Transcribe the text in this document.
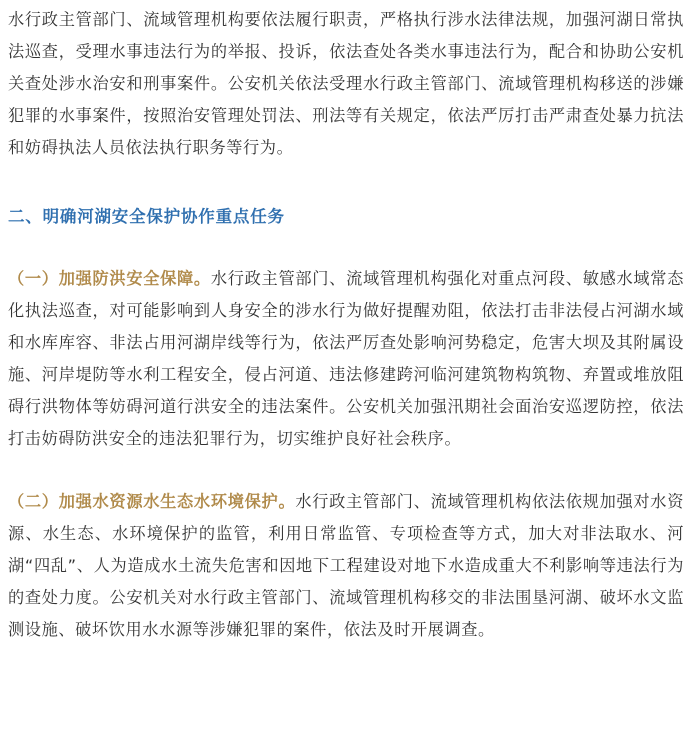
水行政主管部门、流域管理机构要依法履行职责，严格执行涉水法律法规，加强河湖日常执法巡查，受理水事违法行为的举报、投诉，依法查处各类水事违法行为，配合和协助公安机关查处涉水治安和刑事案件。公安机关依法受理水行政主管部门、流域管理机构移送的涉嫌犯罪的水事案件，按照治安管理处罚法、刑法等有关规定，依法严厉打击严肃查处暴力抗法和妨碍执法人员依法执行职务等行为。

二、明确河湖安全保护协作重点任务

（一）加强防洪安全保障。水行政主管部门、流域管理机构强化对重点河段、敏感水域常态化执法巡查，对可能影响到人身安全的涉水行为做好提醒劝阻，依法打击非法侵占河湖水域和水库库容、非法占用河湖岸线等行为，依法严厉查处影响河势稳定，危害大坝及其附属设施、河岸堤防等水利工程安全，侵占河道、违法修建跨河临河建筑物构筑物、弃置或堆放阻碍行洪物体等妨碍河道行洪安全的违法案件。公安机关加强汛期社会面治安巡逻防控，依法打击妨碍防洪安全的违法犯罪行为，切实维护良好社会秩序。

（二）加强水资源水生态水环境保护。水行政主管部门、流域管理机构依法依规加强对水资源、水生态、水环境保护的监管，利用日常监管、专项检查等方式，加大对非法取水、河湖“四乱”、人为造成水土流失危害和因地下工程建设对地下水造成重大不利影响等违法行为的查处力度。公安机关对水行政主管部门、流域管理机构移交的非法围垦河湖、破坏水文监测设施、破坏饮用水水源等涉嫌犯罪的案件，依法及时开展调查。
